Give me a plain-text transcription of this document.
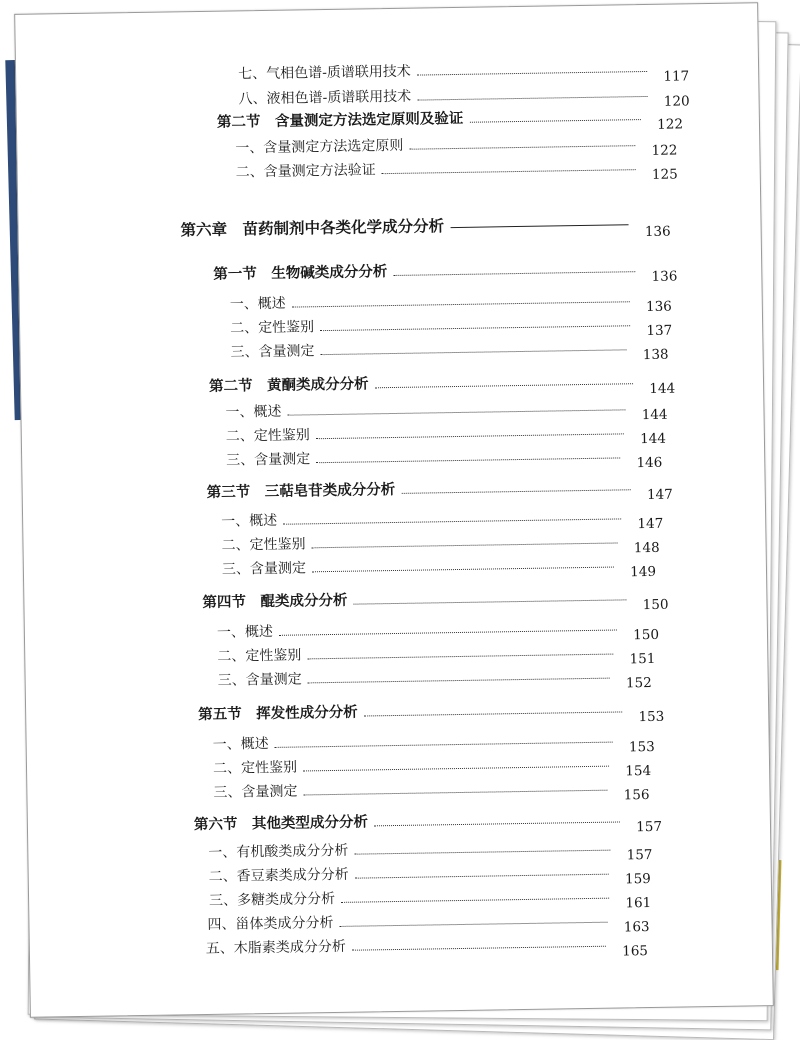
七、气相色谱-质谱联用技术	117
八、液相色谱-质谱联用技术	120
第二节　含量测定方法选定原则及验证	122
一、含量测定方法选定原则	122
二、含量测定方法验证	125
第六章　苗药制剂中各类化学成分分析	136
第一节　生物碱类成分分析	136
一、概述	136
二、定性鉴别	137
三、含量测定	138
第二节　黄酮类成分分析	144
一、概述	144
二、定性鉴别	144
三、含量测定	146
第三节　三萜皂苷类成分分析	147
一、概述	147
二、定性鉴别	148
三、含量测定	149
第四节　醌类成分分析	150
一、概述	150
二、定性鉴别	151
三、含量测定	152
第五节　挥发性成分分析	153
一、概述	153
二、定性鉴别	154
三、含量测定	156
第六节　其他类型成分分析	157
一、有机酸类成分分析	157
二、香豆素类成分分析	159
三、多糖类成分分析	161
四、甾体类成分分析	163
五、木脂素类成分分析	165
